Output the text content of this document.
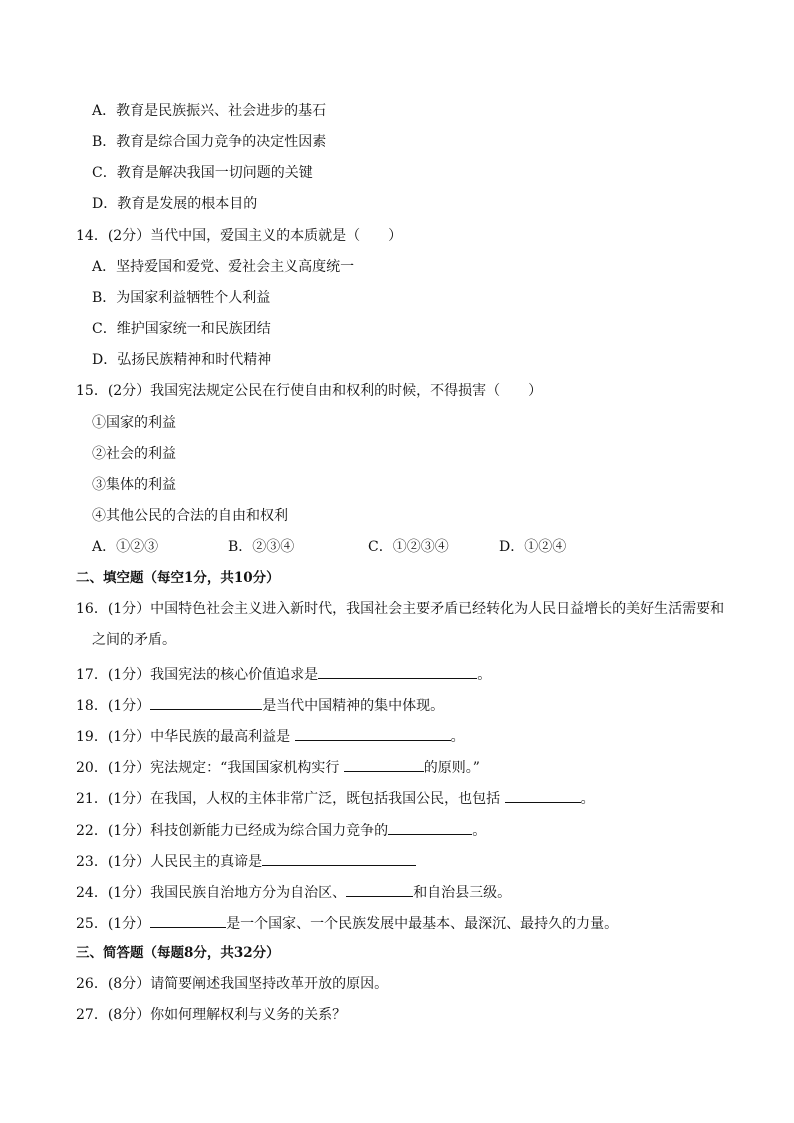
A．教育是民族振兴、社会进步的基石
B．教育是综合国力竞争的决定性因素
C．教育是解决我国一切问题的关键
D．教育是发展的根本目的
14．(2分）当代中国，爱国主义的本质就是（　　）
A．坚持爱国和爱党、爱社会主义高度统一
B．为国家利益牺牲个人利益
C．维护国家统一和民族团结
D．弘扬民族精神和时代精神
15．(2分）我国宪法规定公民在行使自由和权利的时候，不得损害（　　）
①国家的利益
②社会的利益
③集体的利益
④其他公民的合法的自由和权利
A．①②③	B．②③④	C．①②③④	D．①②④
二、填空题（每空1分，共10分）
16．(1分）中国特色社会主义进入新时代，我国社会主要矛盾已经转化为人民日益增长的美好生活需要和
之间的矛盾。
17．(1分）我国宪法的核心价值追求是	。
18．(1分）	是当代中国精神的集中体现。
19．(1分）中华民族的最高利益是	。
20．(1分）宪法规定：“我国国家机构实行	的原则。”
21．(1分）在我国，人权的主体非常广泛，既包括我国公民，也包括	。
22．(1分）科技创新能力已经成为综合国力竞争的	。
23．(1分）人民民主的真谛是
24．(1分）我国民族自治地方分为自治区、	和自治县三级。
25．(1分）	是一个国家、一个民族发展中最基本、最深沉、最持久的力量。
三、简答题（每题8分，共32分）
26．(8分）请简要阐述我国坚持改革开放的原因。
27．(8分）你如何理解权利与义务的关系？
